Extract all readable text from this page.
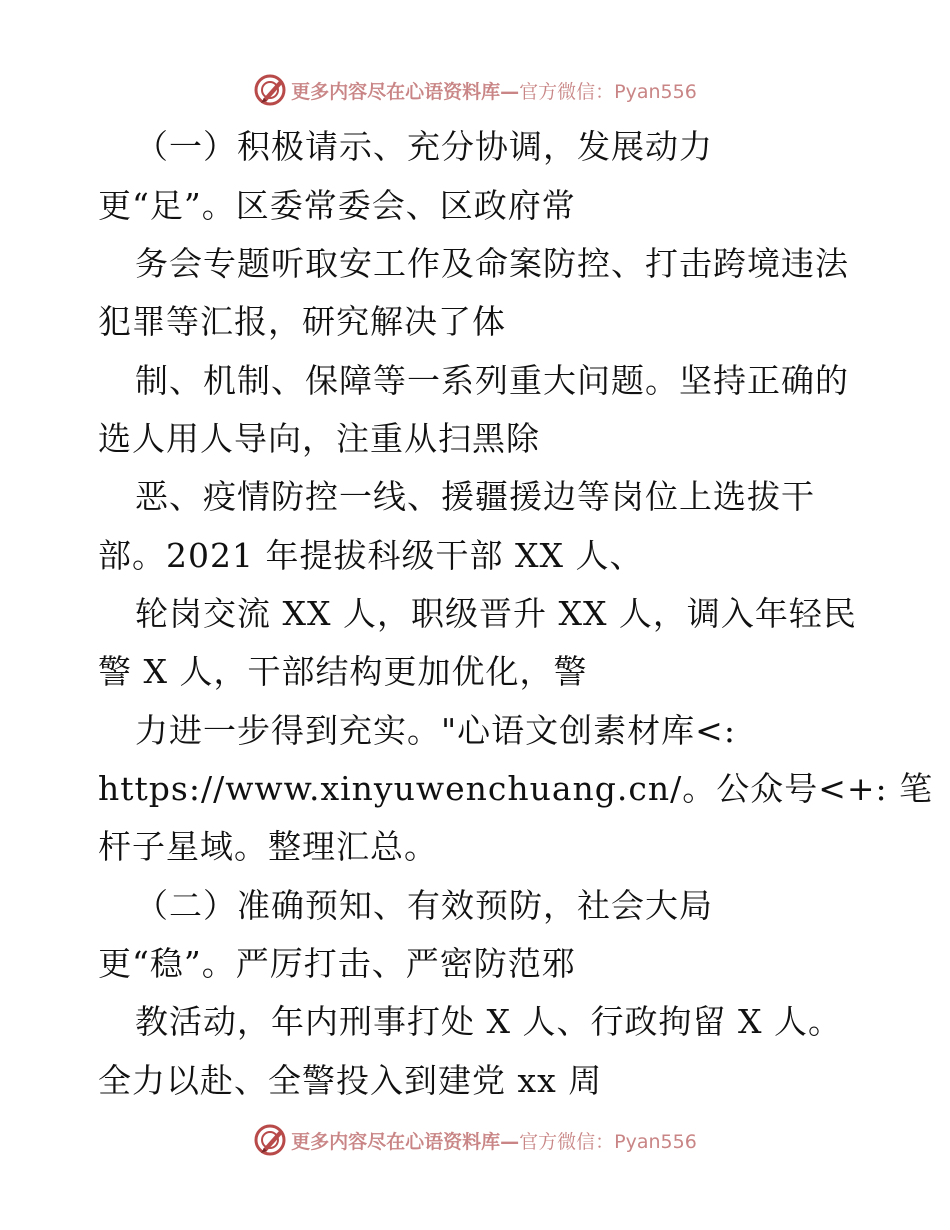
更多内容尽在心语资料库—官方微信：Pyan556
（一）积极请示、充分协调，发展动力
更“足”。区委常委会、区政府常
务会专题听取安工作及命案防控、打击跨境违法
犯罪等汇报，研究解决了体
制、机制、保障等一系列重大问题。坚持正确的
选人用人导向，注重从扫黑除
恶、疫情防控一线、援疆援边等岗位上选拔干
部。2021 年提拔科级干部 XX 人、
轮岗交流 XX 人，职级晋升 XX 人，调入年轻民
警 X 人，干部结构更加优化，警
力进一步得到充实。"心语文创素材库<:
https://www.xinyuwenchuang.cn/。公众号<+: 笔
杆子星域。整理汇总。
（二）准确预知、有效预防，社会大局
更“稳”。严厉打击、严密防范邪
教活动，年内刑事打处 X 人、行政拘留 X 人。
全力以赴、全警投入到建党 xx 周
更多内容尽在心语资料库—官方微信：Pyan556
